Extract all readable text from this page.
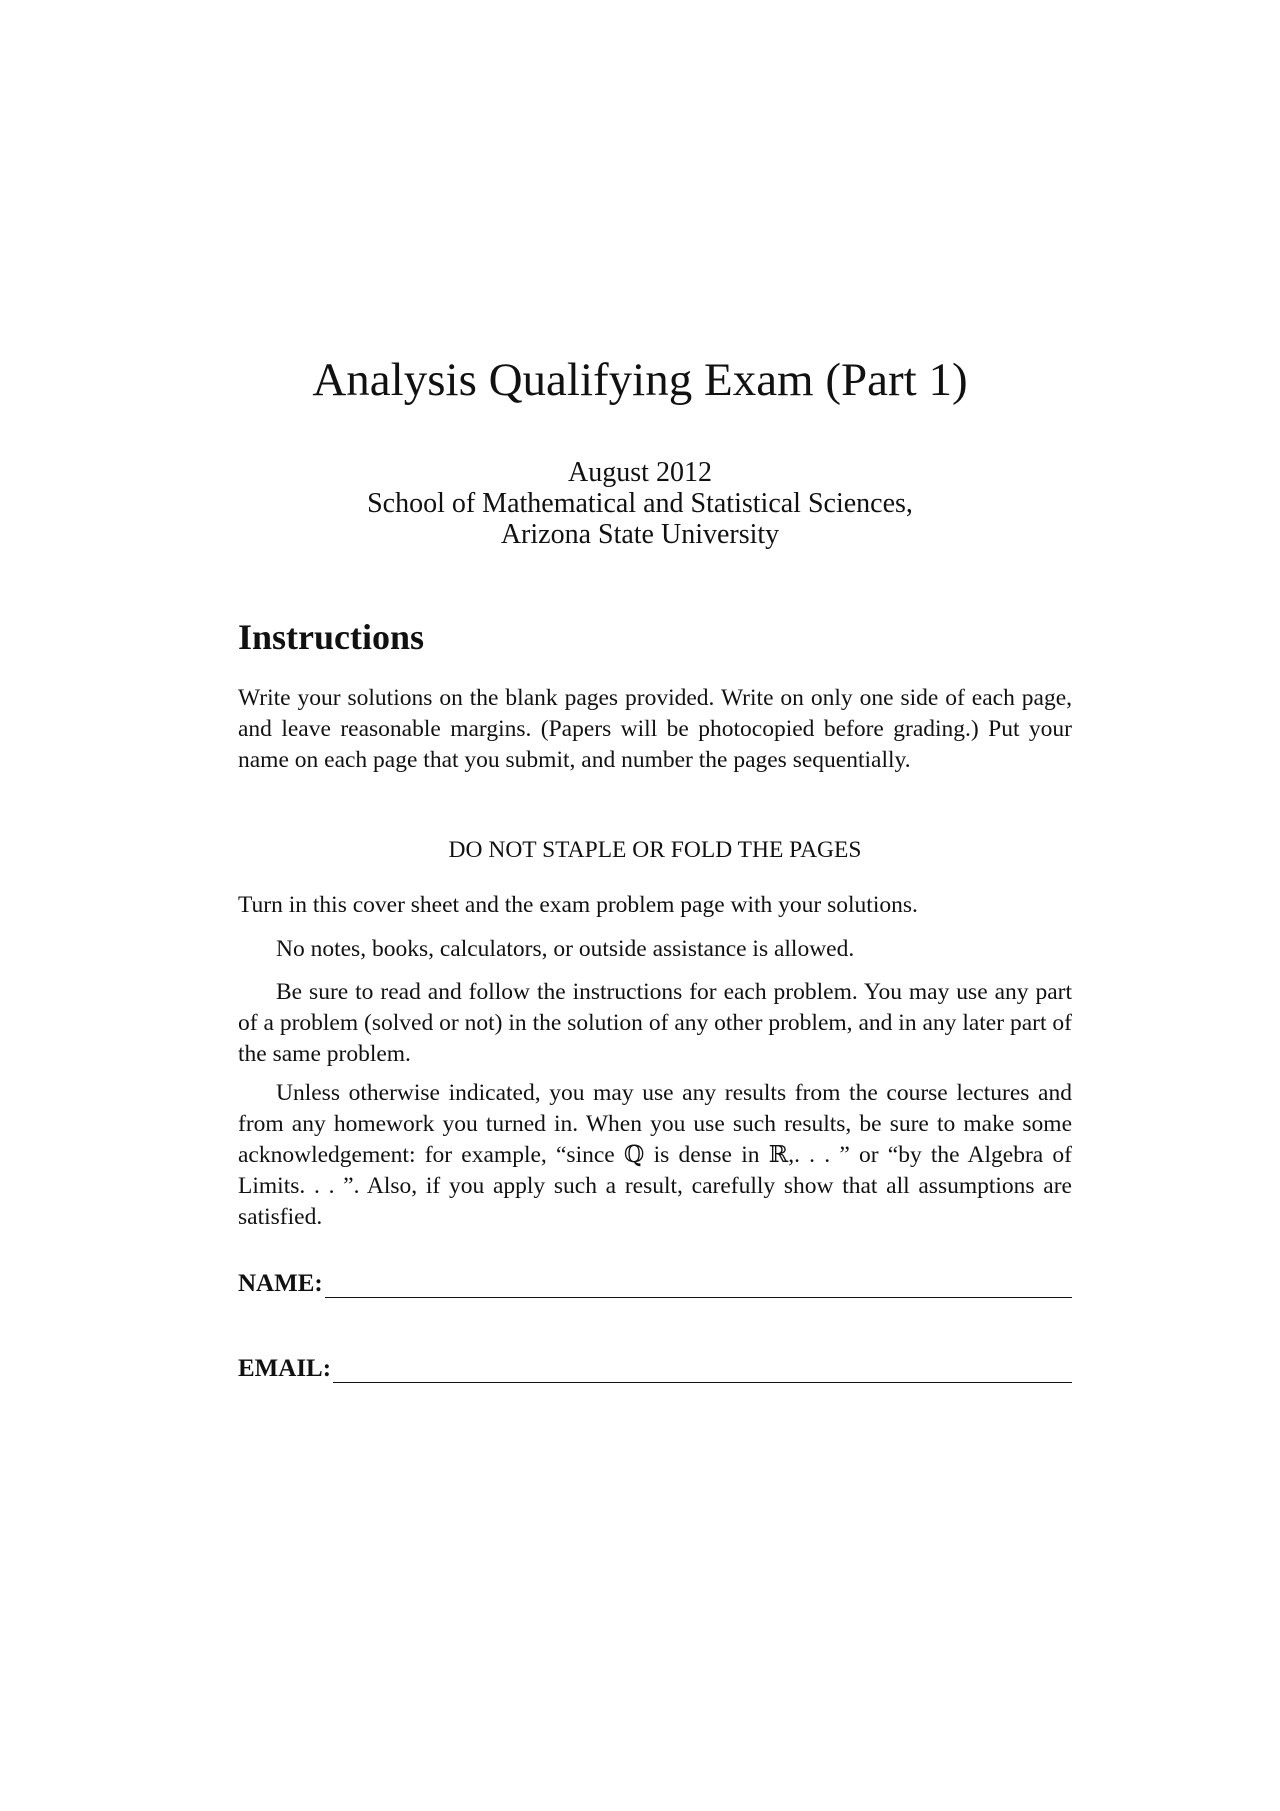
Analysis Qualifying Exam (Part 1)
August 2012
School of Mathematical and Statistical Sciences,
Arizona State University
Instructions

Write your solutions on the blank pages provided. Write on only one side of each page, and leave reasonable margins. (Papers will be photocopied before grading.) Put your name on each page that you submit, and number the pages sequentially.

DO NOT STAPLE OR FOLD THE PAGES

Turn in this cover sheet and the exam problem page with your solutions.

No notes, books, calculators, or outside assistance is allowed.

Be sure to read and follow the instructions for each problem. You may use any part of a problem (solved or not) in the solution of any other problem, and in any later part of the same problem.

Unless otherwise indicated, you may use any results from the course lectures and from any homework you turned in. When you use such results, be sure to make some acknowledgement: for example, “since ℚ is dense in ℝ,. . . ” or “by the Algebra of Limits. . . ”. Also, if you apply such a result, carefully show that all assumptions are satisfied.

NAME:
EMAIL:
